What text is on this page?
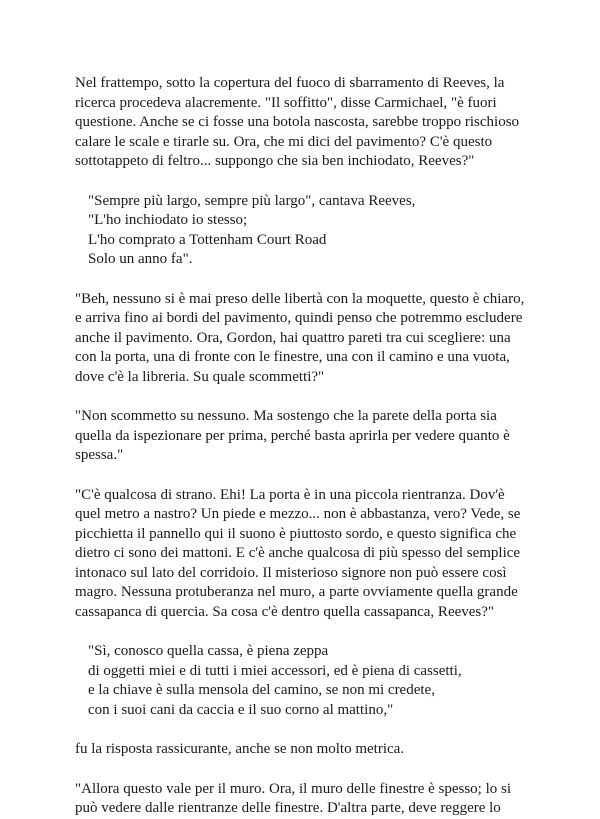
Nel frattempo, sotto la copertura del fuoco di sbarramento di Reeves, la
ricerca procedeva alacremente. "Il soffitto", disse Carmichael, "è fuori
questione. Anche se ci fosse una botola nascosta, sarebbe troppo rischioso
calare le scale e tirarle su. Ora, che mi dici del pavimento? C'è questo
sottotappeto di feltro... suppongo che sia ben inchiodato, Reeves?"

"Sempre più largo, sempre più largo", cantava Reeves,
"L'ho inchiodato io stesso;
L'ho comprato a Tottenham Court Road
Solo un anno fa".

"Beh, nessuno si è mai preso delle libertà con la moquette, questo è chiaro,
e arriva fino ai bordi del pavimento, quindi penso che potremmo escludere
anche il pavimento. Ora, Gordon, hai quattro pareti tra cui scegliere: una
con la porta, una di fronte con le finestre, una con il camino e una vuota,
dove c'è la libreria. Su quale scommetti?"

"Non scommetto su nessuno. Ma sostengo che la parete della porta sia
quella da ispezionare per prima, perché basta aprirla per vedere quanto è
spessa."

"C'è qualcosa di strano. Ehi! La porta è in una piccola rientranza. Dov'è
quel metro a nastro? Un piede e mezzo... non è abbastanza, vero? Vede, se
picchietta il pannello qui il suono è piuttosto sordo, e questo significa che
dietro ci sono dei mattoni. E c'è anche qualcosa di più spesso del semplice
intonaco sul lato del corridoio. Il misterioso signore non può essere così
magro. Nessuna protuberanza nel muro, a parte ovviamente quella grande
cassapanca di quercia. Sa cosa c'è dentro quella cassapanca, Reeves?"

"Sì, conosco quella cassa, è piena zeppa
di oggetti miei e di tutti i miei accessori, ed è piena di cassetti,
e la chiave è sulla mensola del camino, se non mi credete,
con i suoi cani da caccia e il suo corno al mattino,"

fu la risposta rassicurante, anche se non molto metrica.

"Allora questo vale per il muro. Ora, il muro delle finestre è spesso; lo si
può vedere dalle rientranze delle finestre. D'altra parte, deve reggere lo
